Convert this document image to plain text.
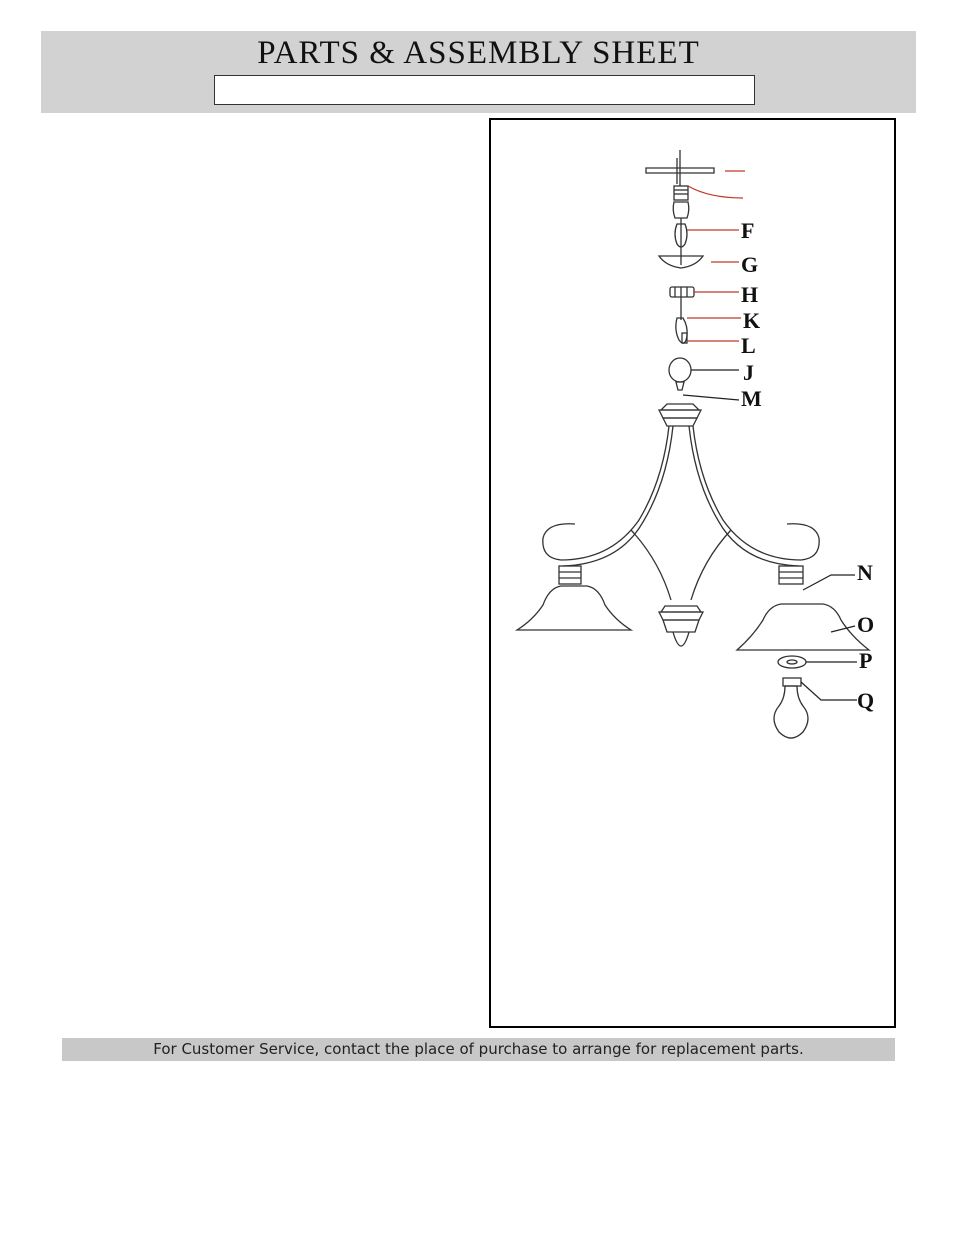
PARTS & ASSEMBLY SHEET
F
G
H
K
L
J
M
N
O
P
Q
For Customer Service, contact the place of purchase to arrange for replacement parts.
